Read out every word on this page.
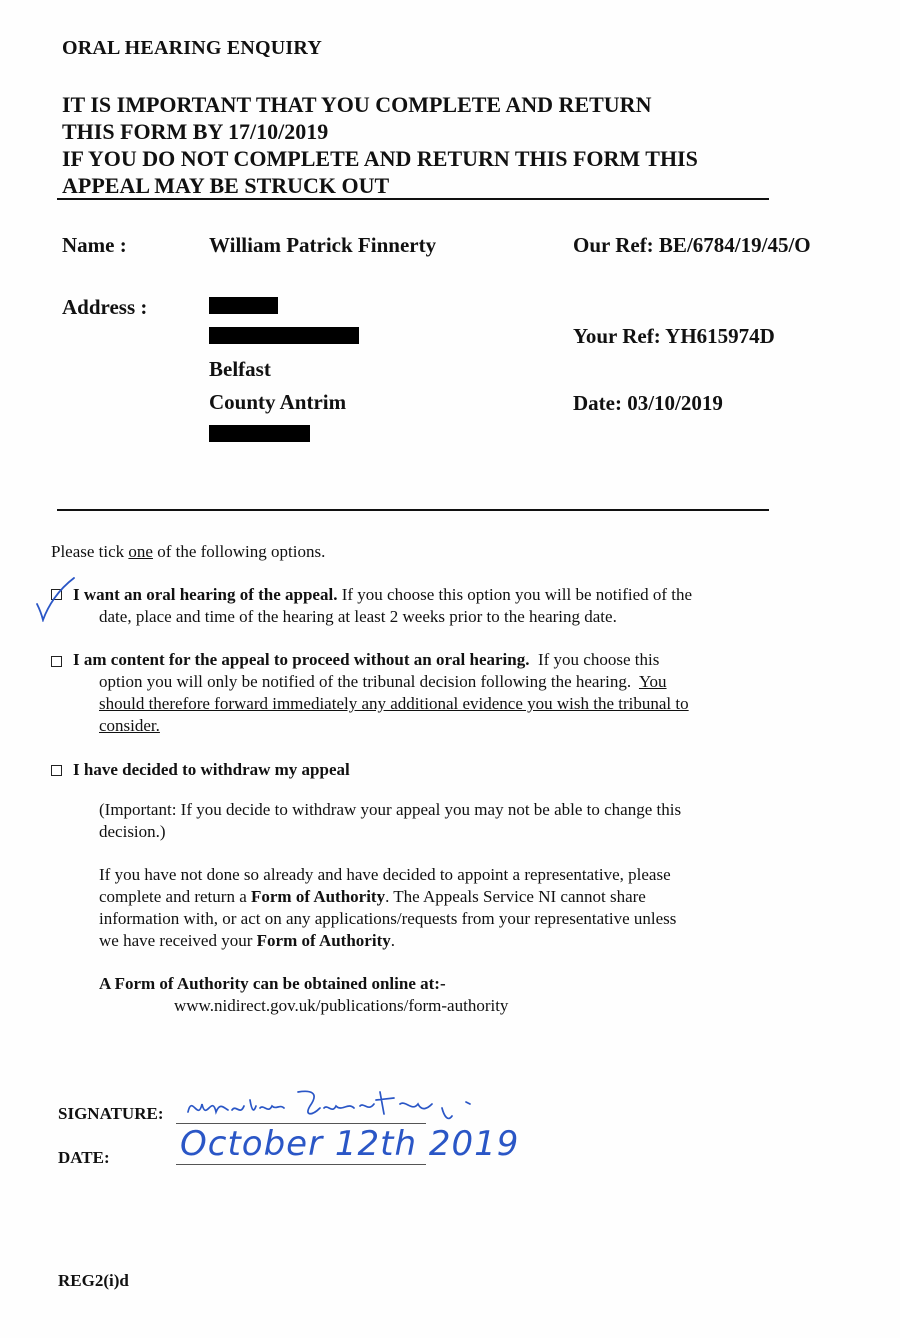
ORAL HEARING ENQUIRY
IT IS IMPORTANT THAT YOU COMPLETE AND RETURN
THIS FORM BY 17/10/2019
IF YOU DO NOT COMPLETE AND RETURN THIS FORM THIS
APPEAL MAY BE STRUCK OUT
Name :	William Patrick Finnerty	Our Ref: BE/6784/19/45/O
Address :
Belfast
County Antrim
Your Ref: YH615974D
Date: 03/10/2019
Please tick one of the following options.
I want an oral hearing of the appeal. If you choose this option you will be notified of the
date, place and time of the hearing at least 2 weeks prior to the hearing date.
I am content for the appeal to proceed without an oral hearing.  If you choose this
option you will only be notified of the tribunal decision following the hearing.  You
should therefore forward immediately any additional evidence you wish the tribunal to
consider.
I have decided to withdraw my appeal
(Important: If you decide to withdraw your appeal you may not be able to change this
decision.)
If you have not done so already and have decided to appoint a representative, please
complete and return a Form of Authority. The Appeals Service NI cannot share
information with, or act on any applications/requests from your representative unless
we have received your Form of Authority.
A Form of Authority can be obtained online at:-
www.nidirect.gov.uk/publications/form-authority
SIGNATURE:
DATE: October 12th 2019
REG2(i)d
